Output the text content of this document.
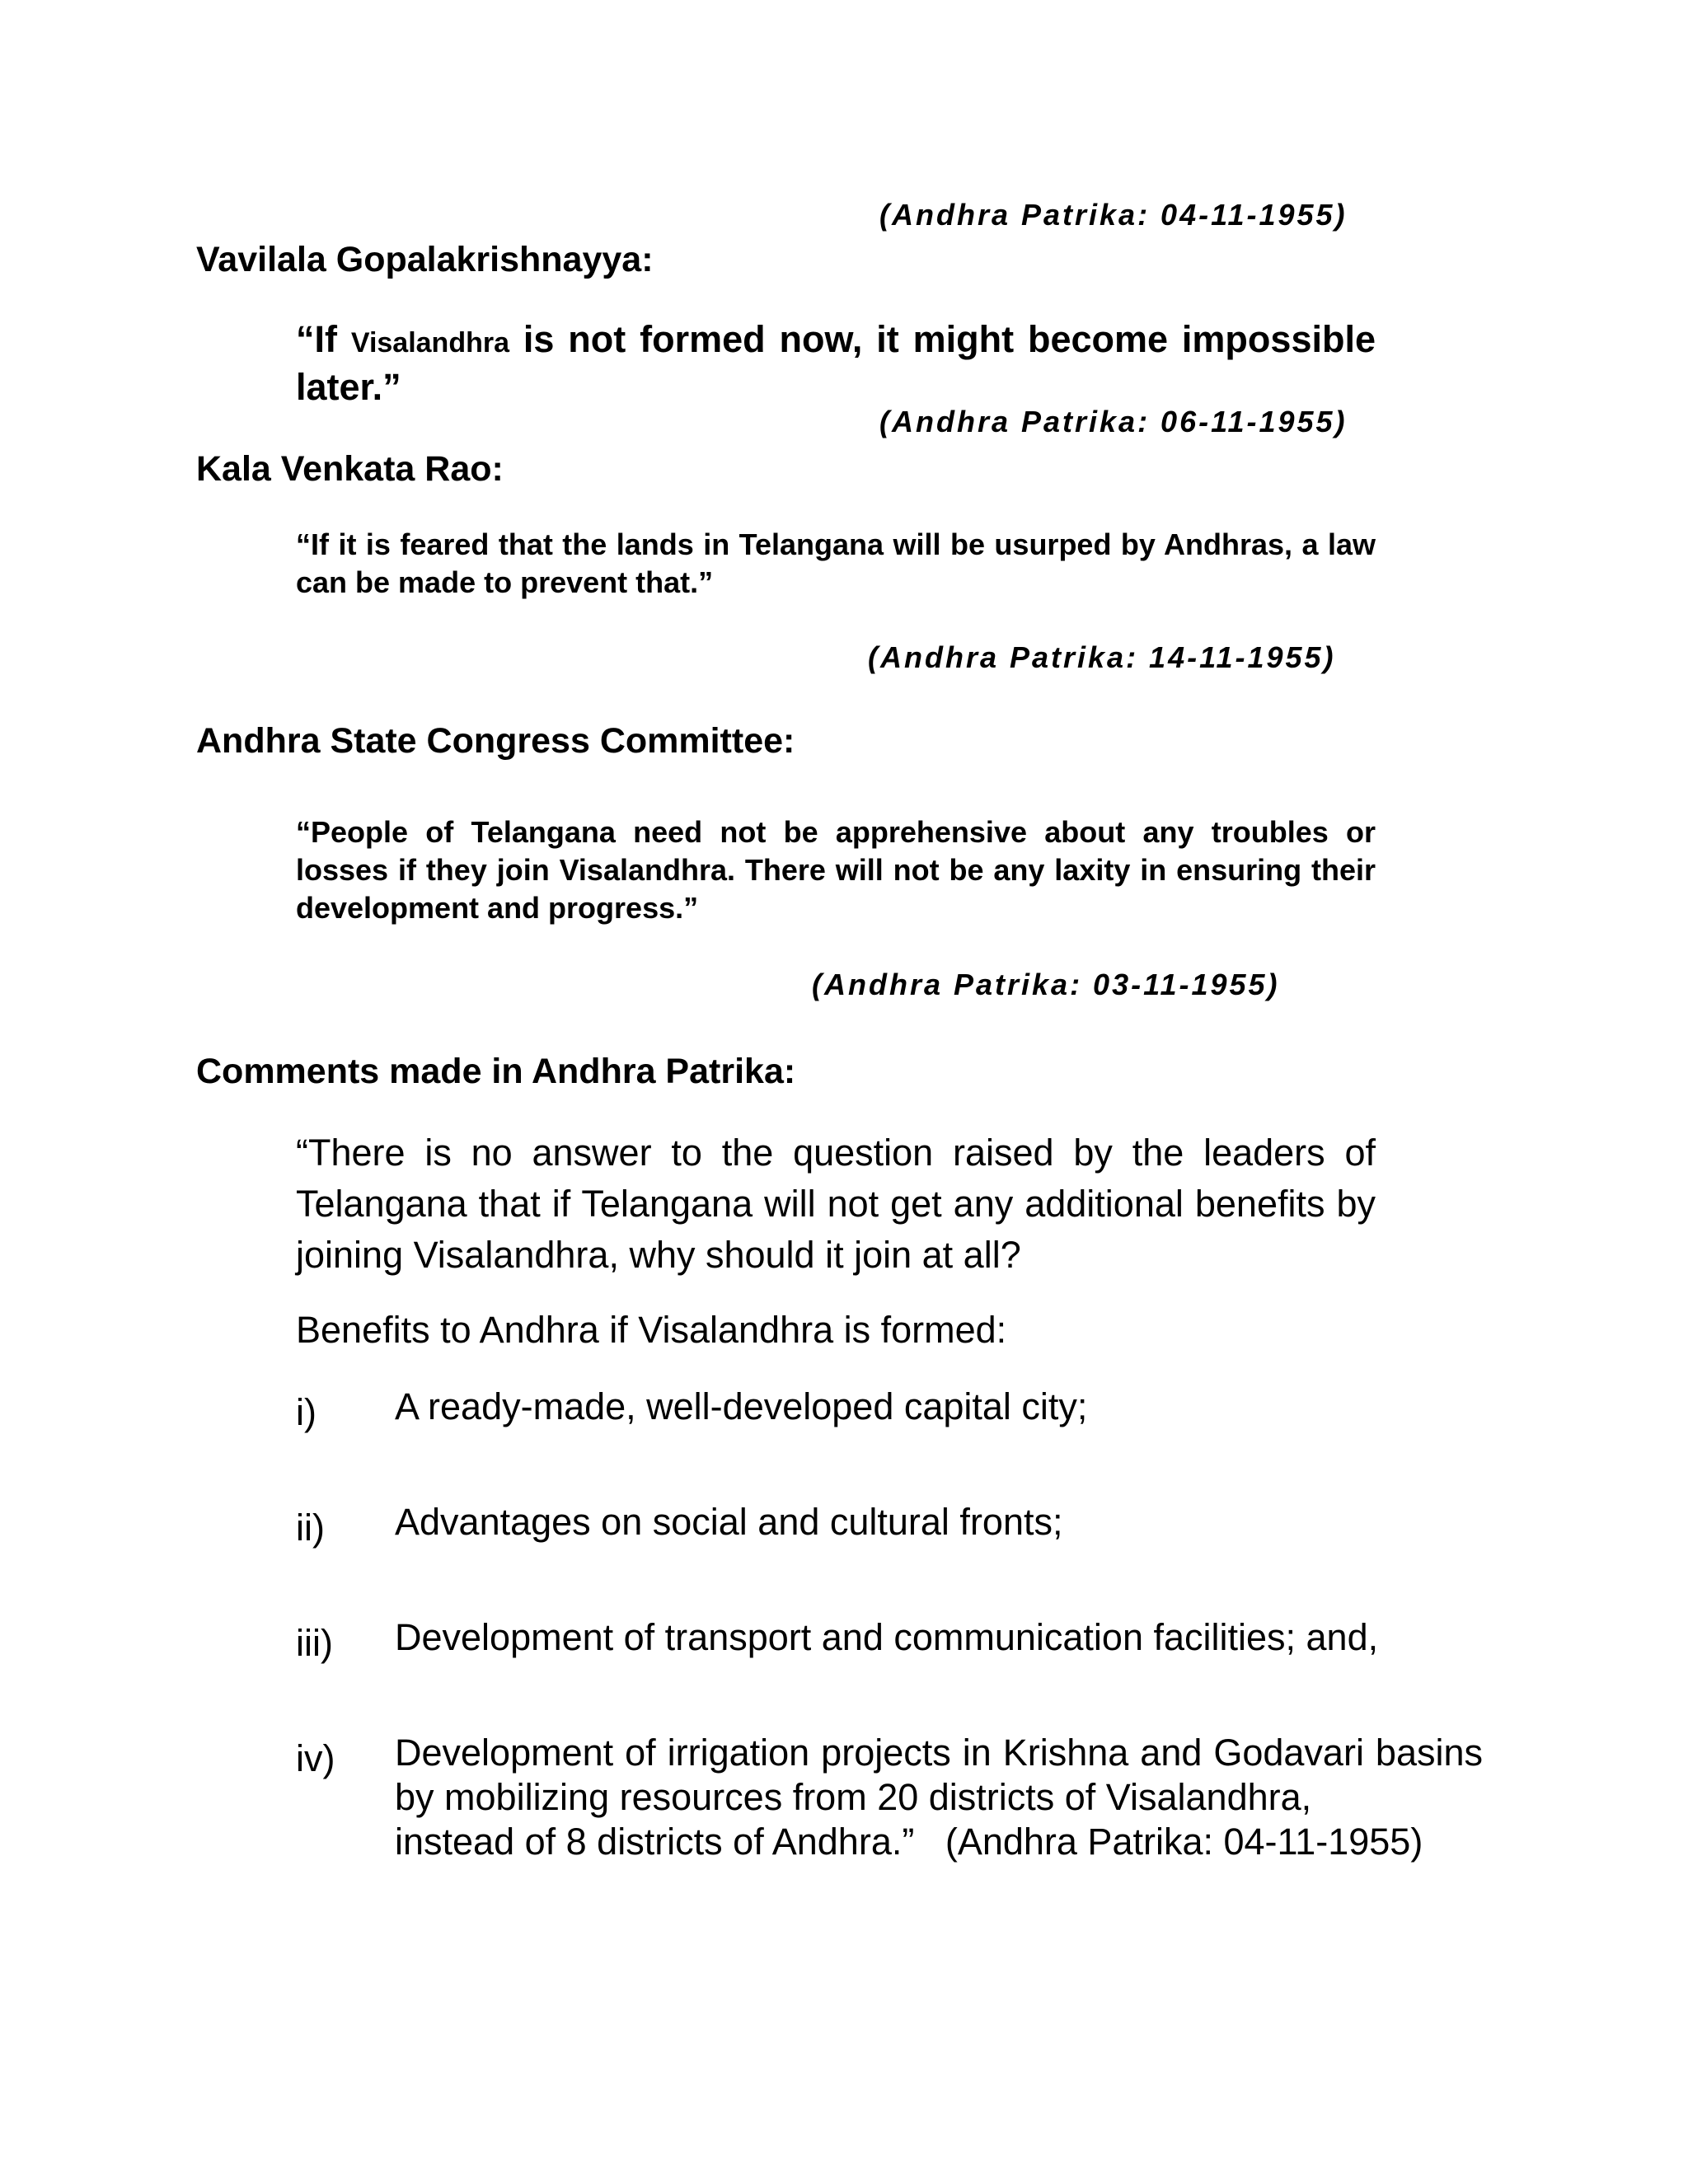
(Andhra Patrika: 04-11-1955)
Vavilala Gopalakrishnayya:
“If Visalandhra is not formed now, it might become impossible later.”
(Andhra Patrika: 06-11-1955)
Kala Venkata Rao:
“If it is feared that the lands in Telangana will be usurped by Andhras, a law can be made to prevent that.”
(Andhra Patrika: 14-11-1955)
Andhra State Congress Committee:
“People of Telangana need not be apprehensive about any troubles or losses if they join Visalandhra. There will not be any laxity in ensuring their development and progress.”
(Andhra Patrika: 03-11-1955)
Comments made in Andhra Patrika:
“There is no answer to the question raised by the leaders of Telangana that if Telangana will not get any additional benefits by joining Visalandhra, why should it join at all?
Benefits to Andhra if Visalandhra is formed:
i) A ready-made, well-developed capital city;
ii) Advantages on social and cultural fronts;
iii) Development of transport and communication facilities; and,
iv) Development of irrigation projects in Krishna and Godavari basins by mobilizing resources from 20 districts of Visalandhra,
instead of 8 districts of Andhra.”   (Andhra Patrika: 04-11-1955)
